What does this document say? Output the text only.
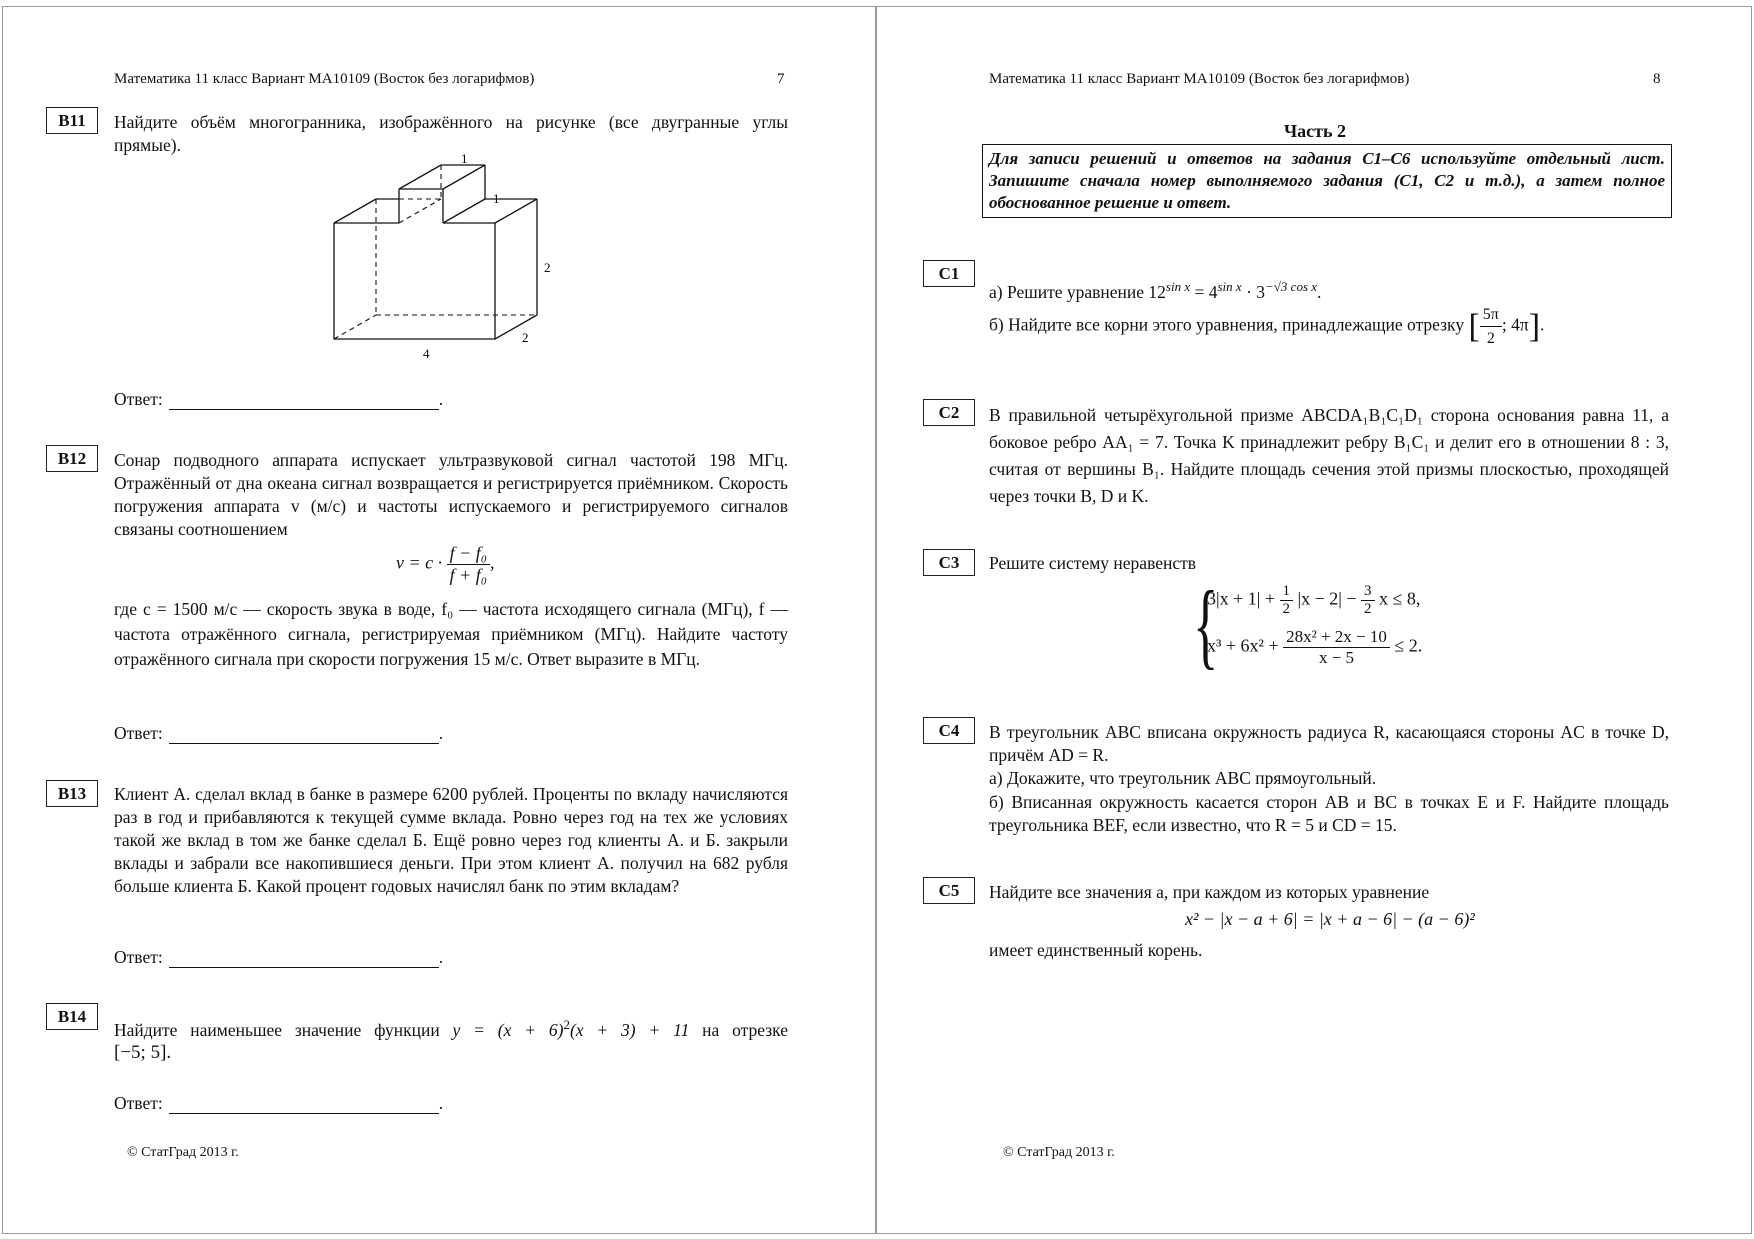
Математика 11 класс Вариант МА10109 (Восток без логарифмов)	7
B11	Найдите объём многогранника, изображённого на рисунке (все двугранные углы прямые).
1
1
2
2
4
Ответ:	.
B12	Сонар подводного аппарата испускает ультразвуковой сигнал частотой 198 МГц. Отражённый от дна океана сигнал возвращается и регистрируется приёмником. Скорость погружения аппарата v (м/с) и частоты испускаемого и регистрируемого сигналов связаны соотношением
$v = c \cdot \frac{\text{f − f₀}}{\text{f + f₀}}$ ,
где c = 1500 м/с — скорость звука в воде, f₀ — частота исходящего сигнала (МГц), f — частота отражённого сигнала, регистрируемая приёмником (МГц). Найдите частоту отражённого сигнала при скорости погружения 15 м/с. Ответ выразите в МГц.
Ответ:	.
B13	Клиент А. сделал вклад в банке в размере 6200 рублей. Проценты по вкладу начисляются раз в год и прибавляются к текущей сумме вклада. Ровно через год на тех же условиях такой же вклад в том же банке сделал Б. Ещё ровно через год клиенты А. и Б. закрыли вклады и забрали все накопившиеся деньги. При этом клиент А. получил на 682 рубля больше клиента Б. Какой процент годовых начислял банк по этим вкладам?
Ответ:	.
B14
Найдите наименьшее значение функции $y = (x + 6)^2(x + 3) + 11$ на отрезке
[−5; 5].
Ответ:	.
© СтатГрад 2013 г.
Математика 11 класс Вариант МА10109 (Восток без логарифмов)	8
Часть 2
Для записи решений и ответов на задания С1–С6 используйте отдельный лист. Запишите сначала номер выполняемого задания (С1, С2 и т.д.), а затем полное обоснованное решение и ответ.
C1
а) Решите уравнение $12^{sin x} = 4^{sin x} \cdot 3^{-√3 cos x}$.
б) Найдите все корни этого уравнения, принадлежащие отрезку [ $\frac{5\pi}{2}$ ; 4π].
C2	В правильной четырёхугольной призме ABCDA₁B₁C₁D₁ сторона основания равна 11, а боковое ребро AA₁ = 7. Точка K принадлежит ребру B₁C₁ и делит его в отношении 8 : 3, считая от вершины B₁. Найдите площадь сечения этой призмы плоскостью, проходящей через точки B, D и K.
C3	Решите систему неравенств
{
$3|x + 1| + \frac{1}{2} |x - 2| - \frac{3}{2}$ x ≤ 8,
$x^3 + 6x^2 + \frac{\text{28x² + 2x − 10}}{x - 5} \le 2$.
C4	В треугольник ABC вписана окружность радиуса R, касающаяся стороны AC в точке D, причём AD = R.
а) Докажите, что треугольник ABC прямоугольный.
б) Вписанная окружность касается сторон AB и BC в точках E и F. Найдите площадь треугольника BEF, если известно, что R = 5 и CD = 15.
C5	Найдите все значения a, при каждом из которых уравнение
x² − |x − a + 6| = |x + a − 6| − (a − 6)²
имеет единственный корень.
© СтатГрад 2013 г.
